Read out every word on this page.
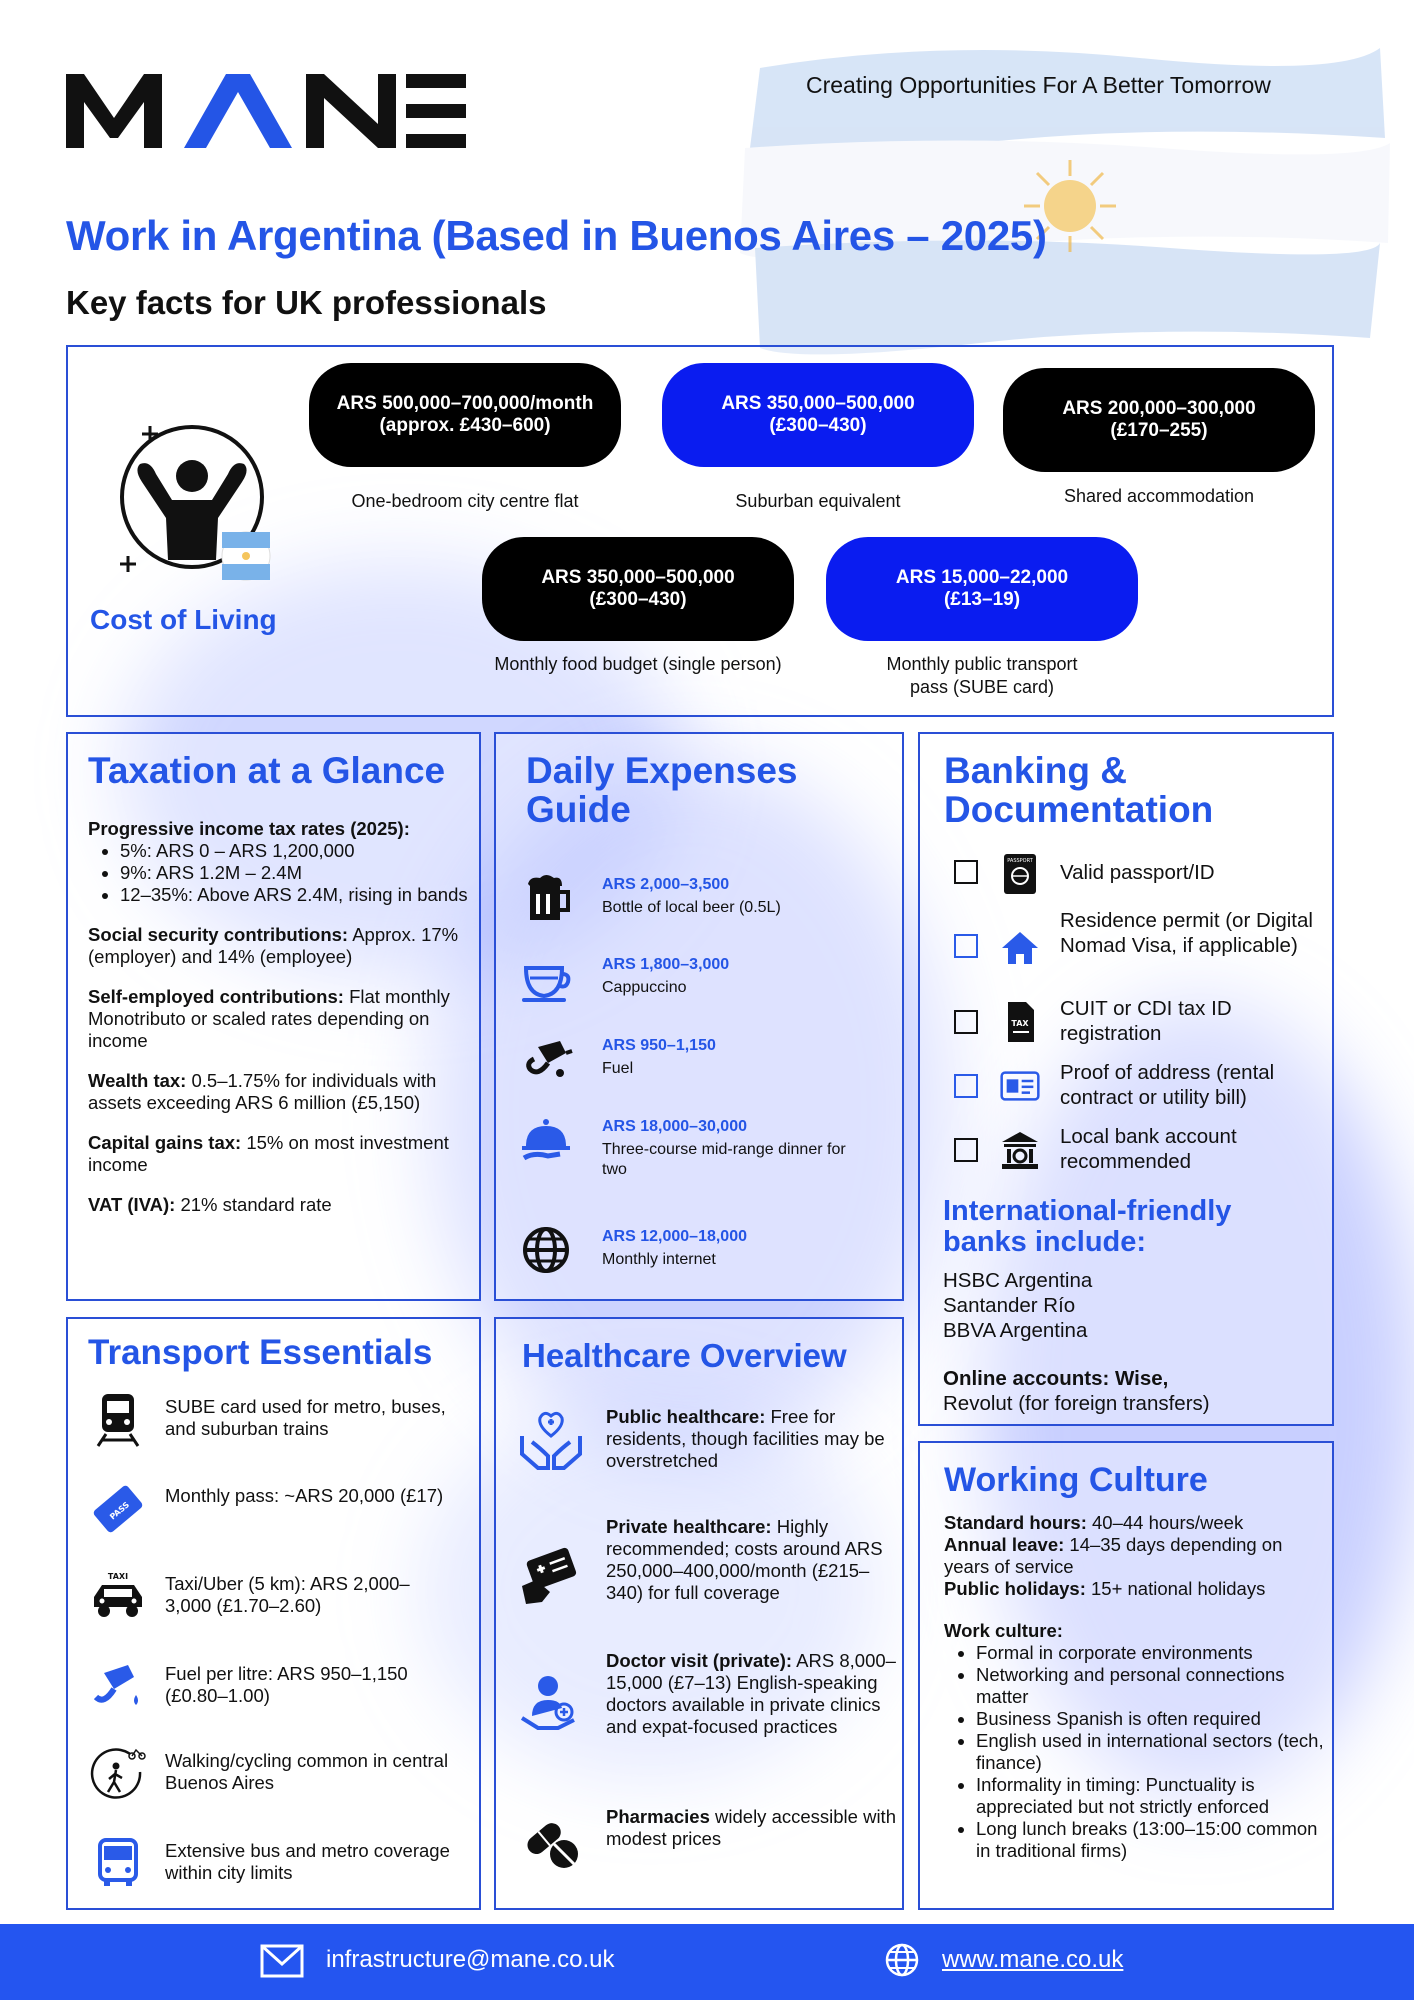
Creating Opportunities For A Better Tomorrow
Work in Argentina (Based in Buenos Aires – 2025)
Key facts for UK professionals
Cost of Living
ARS 500,000–700,000/month
(approx. £430–600)
One-bedroom city centre flat
ARS 350,000–500,000
(£300–430)
Suburban equivalent
ARS 200,000–300,000
(£170–255)
Shared accommodation
ARS 350,000–500,000
(£300–430)
Monthly food budget (single person)
ARS 15,000–22,000
(£13–19)
Monthly public transport
pass (SUBE card)
Taxation at a Glance

Progressive income tax rates (2025):

• 5%: ARS 0 – ARS 1,200,000
• 9%: ARS 1.2M – 2.4M
• 12–35%: Above ARS 2.4M, rising in bands

Social security contributions: Approx. 17% (employer) and 14% (employee)

Self-employed contributions: Flat monthly Monotributo or scaled rates depending on income

Wealth tax: 0.5–1.75% for individuals with assets exceeding ARS 6 million (£5,150)

Capital gains tax: 15% on most investment income

VAT (IVA): 21% standard rate

Daily Expenses Guide
ARS 2,000–3,500
Bottle of local beer (0.5L)
ARS 1,800–3,000
Cappuccino
ARS 950–1,150
Fuel
ARS 18,000–30,000
Three-course mid-range dinner for two
ARS 12,000–18,000
Monthly internet
Banking & Documentation
PASSPORT Valid passport/ID
Residence permit (or Digital Nomad Visa, if applicable)
TAX
CUIT or CDI tax ID registration
Proof of address (rental contract or utility bill)
Local bank account recommended
International-friendly banks include:
HSBC Argentina
Santander Río
BBVA Argentina
Online accounts: Wise,
Revolut (for foreign transfers)
Transport Essentials
SUBE card used for metro, buses, and suburban trains
PASS
Monthly pass: ~ARS 20,000 (£17)
TAXI Taxi/Uber (5 km): ARS 2,000–3,000 (£1.70–2.60)
Fuel per litre: ARS 950–1,150 (£0.80–1.00)
Walking/cycling common in central Buenos Aires
Extensive bus and metro coverage within city limits
Healthcare Overview
Public healthcare: Free for residents, though facilities may be overstretched
Private healthcare: Highly recommended; costs around ARS 250,000–400,000/month (£215–340) for full coverage
Doctor visit (private): ARS 8,000–15,000 (£7–13) English-speaking doctors available in private clinics and expat-focused practices
Pharmacies widely accessible with modest prices
Working Culture
Standard hours: 40–44 hours/week
Annual leave: 14–35 days depending on years of service
Public holidays: 15+ national holidays
Work culture:
• Formal in corporate environments
• Networking and personal connections matter
• Business Spanish is often required
• English used in international sectors (tech, finance)
• Informality in timing: Punctuality is appreciated but not strictly enforced
• Long lunch breaks (13:00–15:00 common in traditional firms)
infrastructure@mane.co.uk	www.mane.co.uk
